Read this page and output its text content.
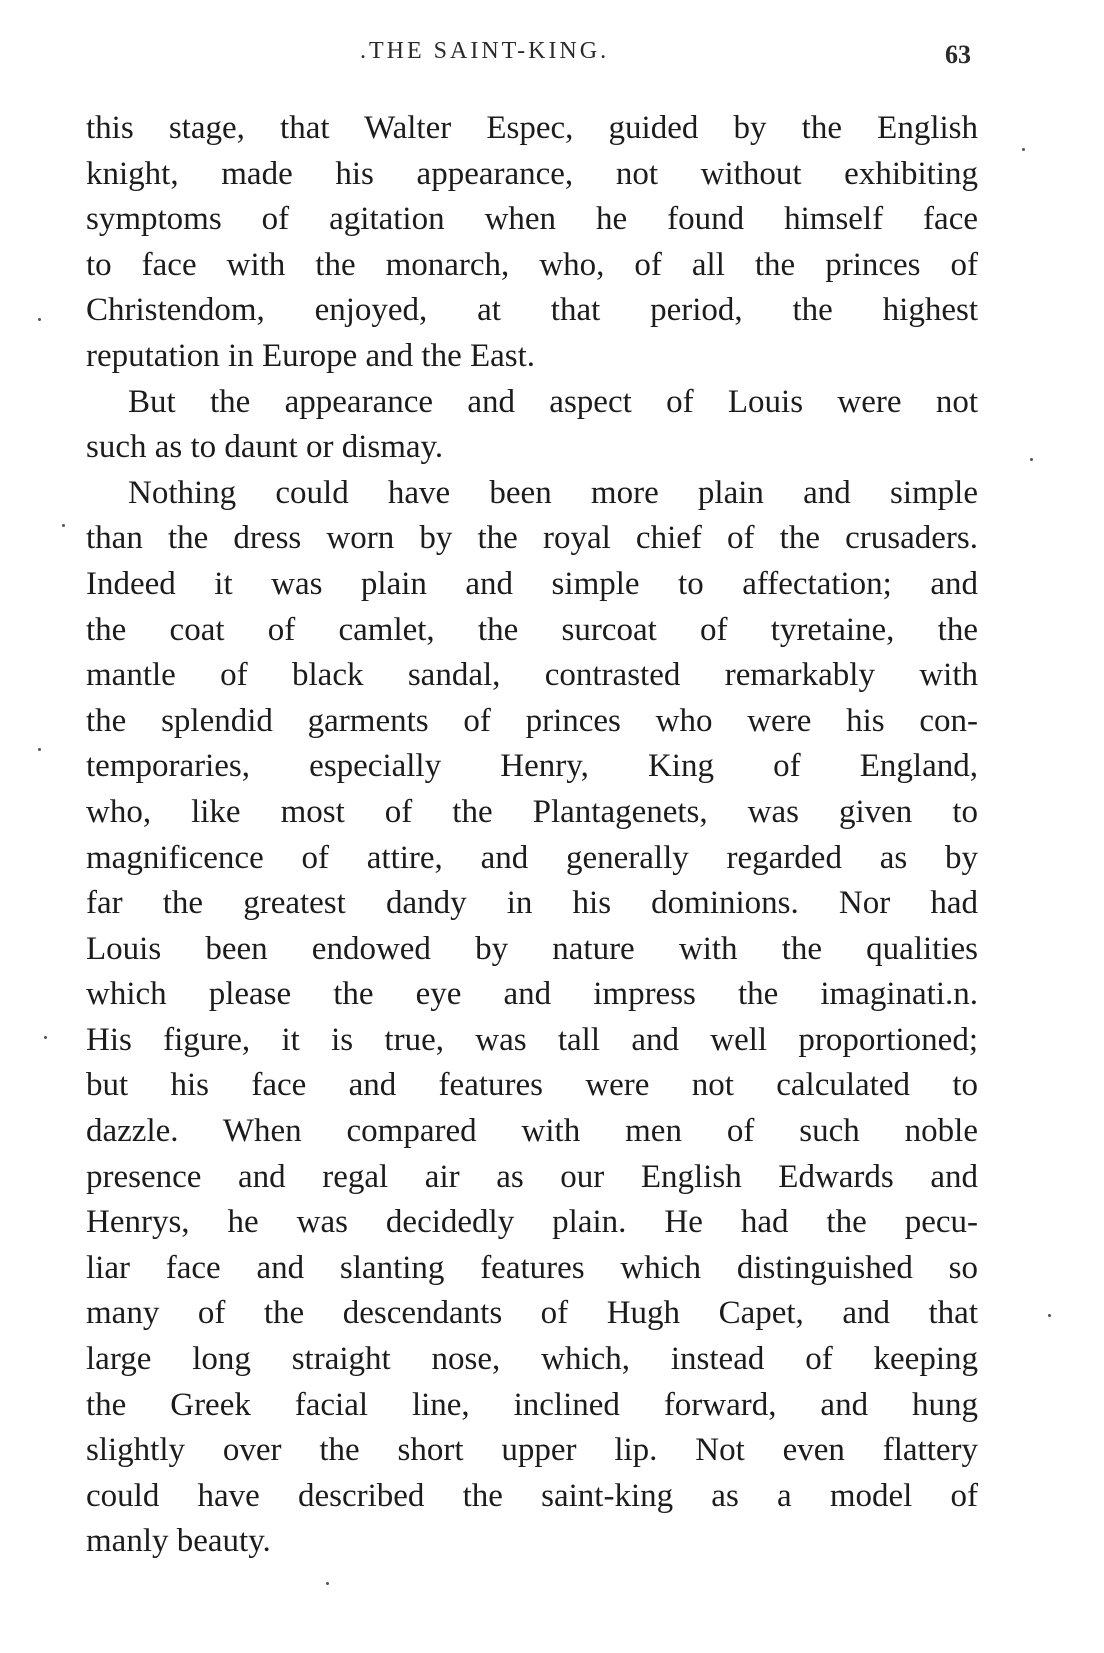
.THE SAINT-KING.	63
this stage, that Walter Espec, guided by the English
knight, made his appearance, not without exhibiting
symptoms of agitation when he found himself face
to face with the monarch, who, of all the princes of
Christendom, enjoyed, at that period, the highest
reputation in Europe and the East.
But the appearance and aspect of Louis were not
such as to daunt or dismay.
Nothing could have been more plain and simple
than the dress worn by the royal chief of the crusaders.
Indeed it was plain and simple to affectation; and
the coat of camlet, the surcoat of tyretaine, the
mantle of black sandal, contrasted remarkably with
the splendid garments of princes who were his con-
temporaries, especially Henry, King of England,
who, like most of the Plantagenets, was given to
magnificence of attire, and generally regarded as by
far the greatest dandy in his dominions. Nor had
Louis been endowed by nature with the qualities
which please the eye and impress the imaginati.n.
His figure, it is true, was tall and well proportioned;
but his face and features were not calculated to
dazzle. When compared with men of such noble
presence and regal air as our English Edwards and
Henrys, he was decidedly plain. He had the pecu-
liar face and slanting features which distinguished so
many of the descendants of Hugh Capet, and that
large long straight nose, which, instead of keeping
the Greek facial line, inclined forward, and hung
slightly over the short upper lip. Not even flattery
could have described the saint-king as a model of
manly beauty.
